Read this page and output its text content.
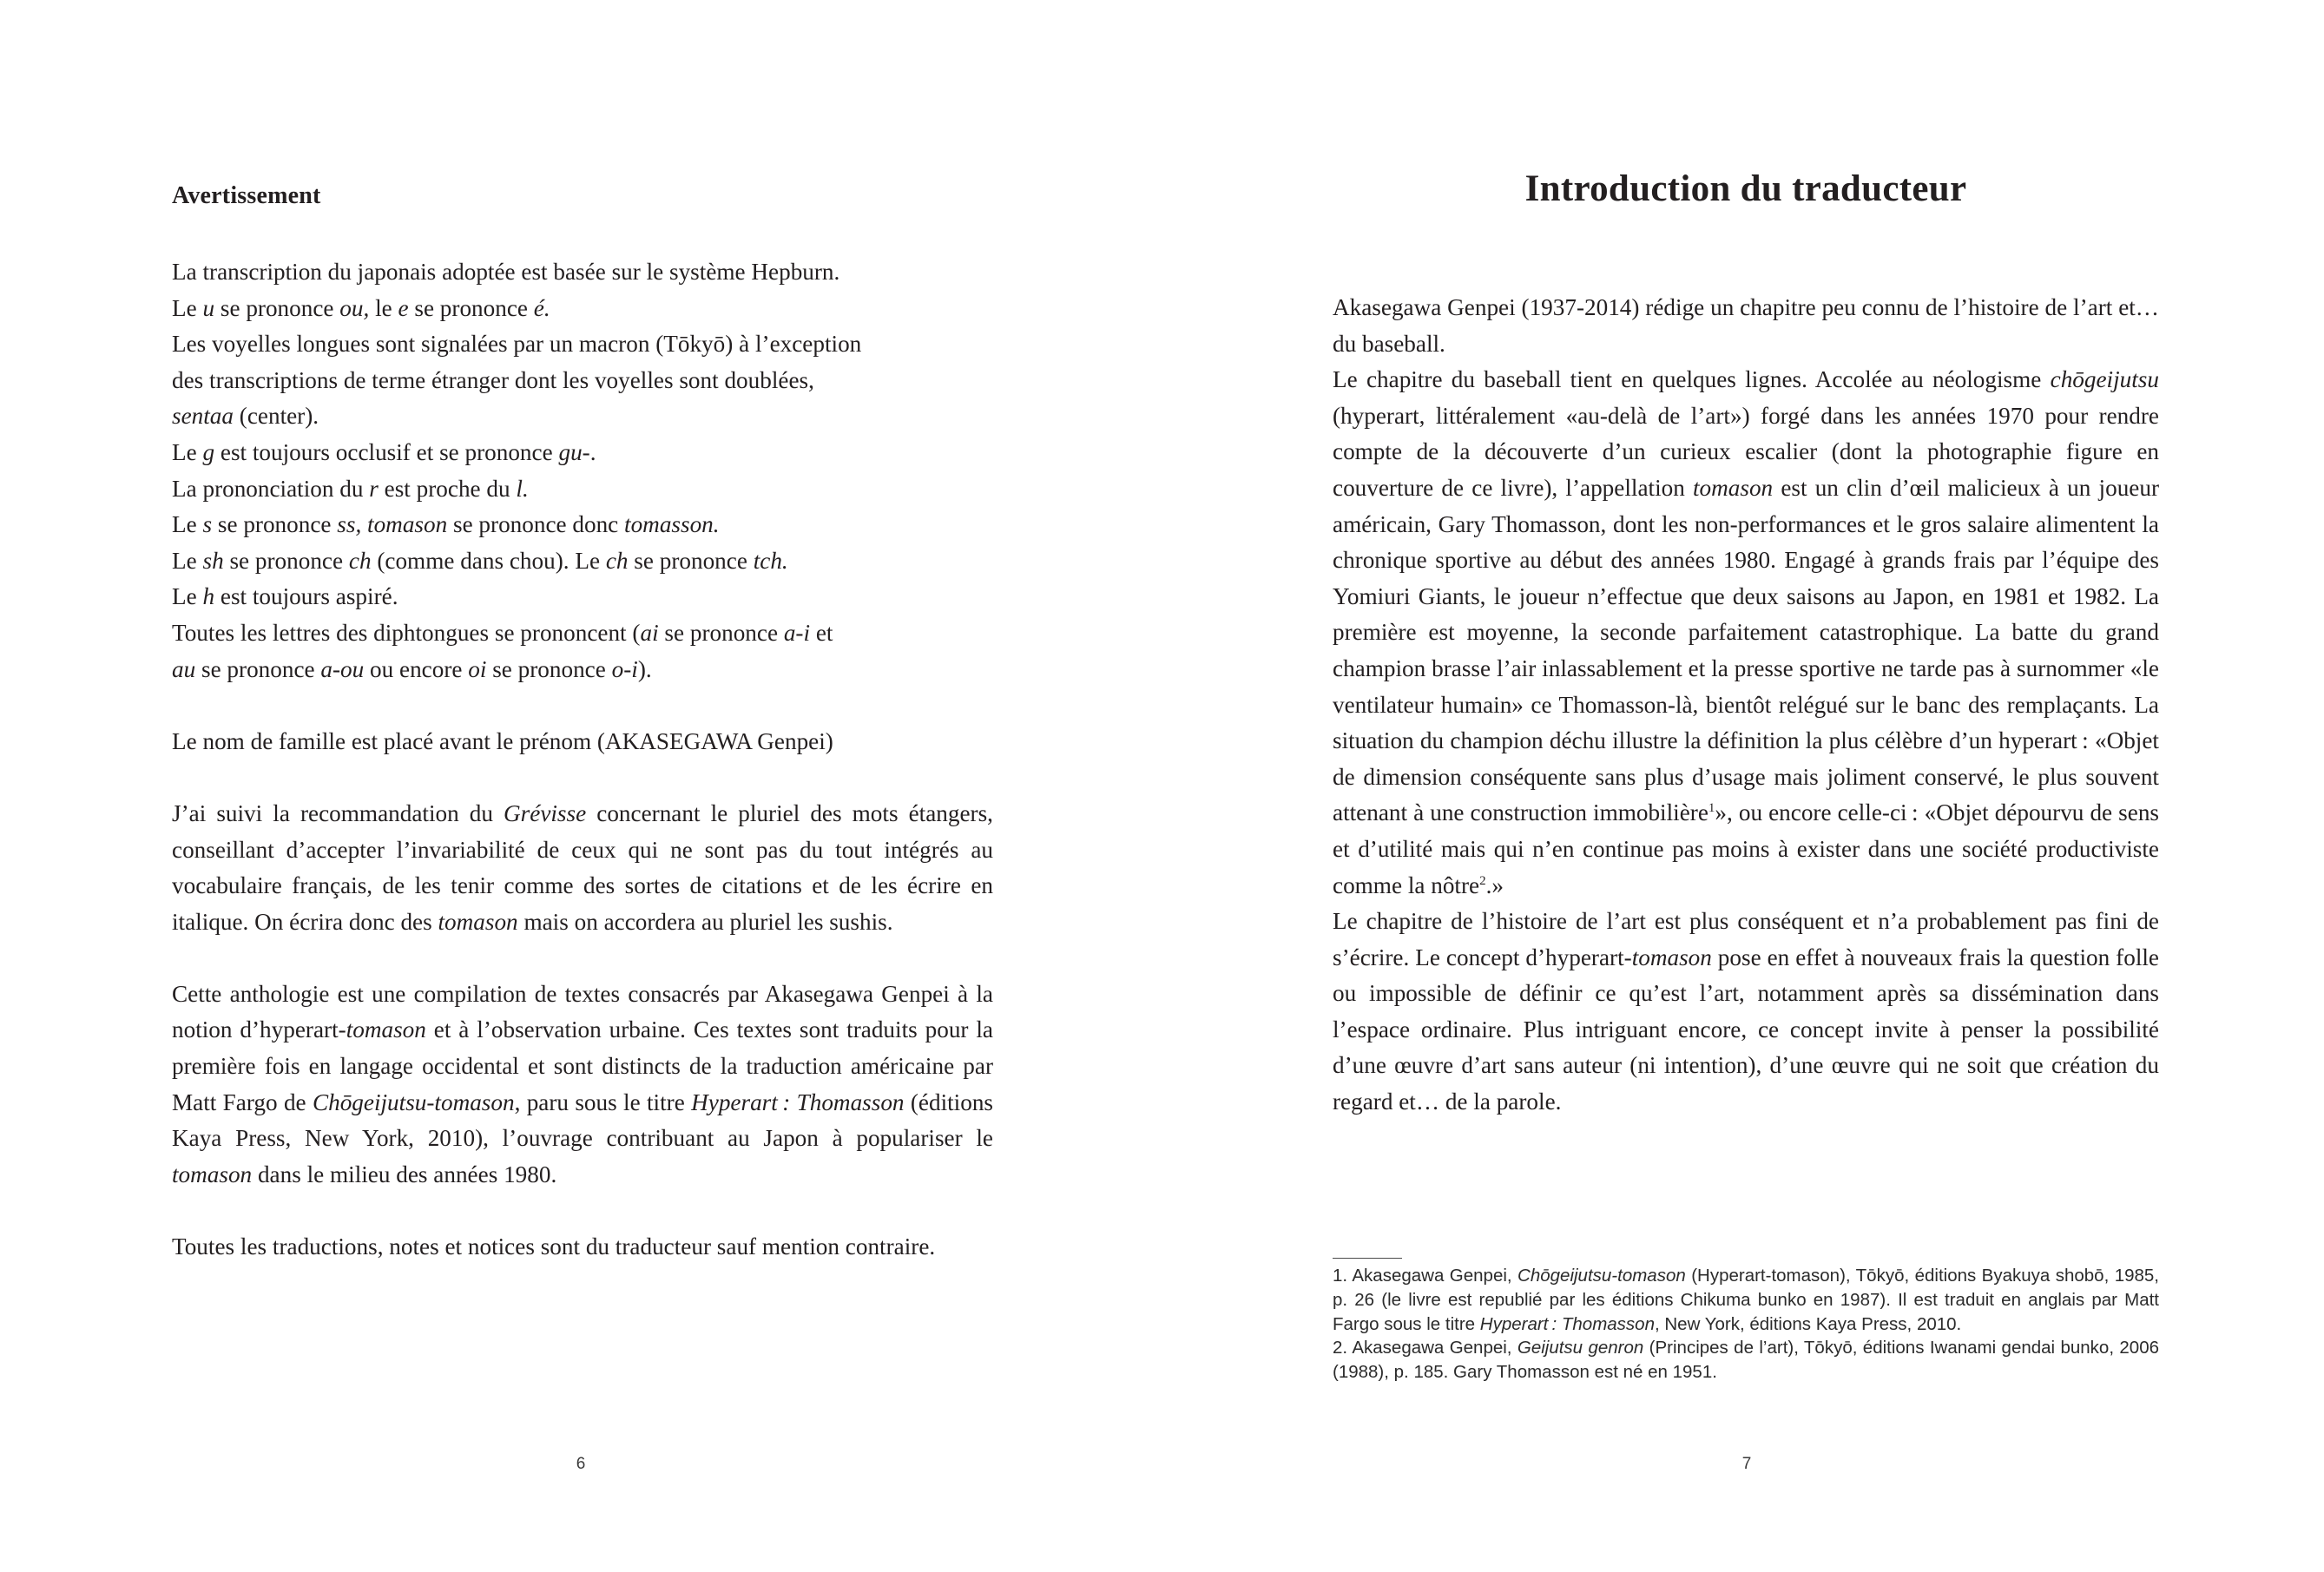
Avertissement

La transcription du japonais adoptée est basée sur le système Hepburn.
Le u se prononce ou, le e se prononce é.
Les voyelles longues sont signalées par un macron (Tōkyō) à l’exception
des transcriptions de terme étranger dont les voyelles sont doublées,
sentaa (center).
Le g est toujours occlusif et se prononce gu-.
La prononciation du r est proche du l.
Le s se prononce ss, tomason se prononce donc tomasson.
Le sh se prononce ch (comme dans chou). Le ch se prononce tch.
Le h est toujours aspiré.
Toutes les lettres des diphtongues se prononcent (ai se prononce a-i et
au se prononce a-ou ou encore oi se prononce o-i).

Le nom de famille est placé avant le prénom (AKASEGAWA Genpei)

J’ai suivi la recommandation du Grévisse concernant le pluriel des mots étangers, conseillant d’accepter l’invariabilité de ceux qui ne sont pas du tout intégrés au vocabulaire français, de les tenir comme des sortes de citations et de les écrire en italique. On écrira donc des tomason mais on accordera au pluriel les sushis.

Cette anthologie est une compilation de textes consacrés par Akasegawa Genpei à la notion d’hyperart-tomason et à l’observation urbaine. Ces textes sont traduits pour la première fois en langage occidental et sont distincts de la traduction américaine par Matt Fargo de Chōgeijutsu-tomason, paru sous le titre Hyperart : Thomasson (éditions Kaya Press, New York, 2010), l’ouvrage contribuant au Japon à populariser le tomason dans le milieu des années 1980.

Toutes les traductions, notes et notices sont du traducteur sauf mention contraire.

6
Introduction du traducteur

Akasegawa Genpei (1937-2014) rédige un chapitre peu connu de l’histoire de l’art et… du baseball.

Le chapitre du baseball tient en quelques lignes. Accolée au néologisme chōgeijutsu (hyperart, littéralement «au-delà de l’art») forgé dans les années 1970 pour rendre compte de la découverte d’un curieux escalier (dont la photographie figure en couverture de ce livre), l’appellation tomason est un clin d’œil malicieux à un joueur américain, Gary Thomasson, dont les non-performances et le gros salaire alimentent la chronique sportive au début des années 1980. Engagé à grands frais par l’équipe des Yomiuri Giants, le joueur n’effectue que deux saisons au Japon, en 1981 et 1982. La première est moyenne, la seconde parfaitement catastrophique. La batte du grand champion brasse l’air inlassablement et la presse sportive ne tarde pas à surnommer «le ventilateur humain» ce Thomasson-là, bientôt relégué sur le banc des remplaçants. La situation du champion déchu illustre la définition la plus célèbre d’un hyperart : «Objet de dimension conséquente sans plus d’usage mais joliment conservé, le plus souvent attenant à une construction immobilière$^1$», ou encore celle-ci : «Objet dépourvu de sens et d’utilité mais qui n’en continue pas moins à exister dans une société productiviste comme la nôtre$^2$.»

Le chapitre de l’histoire de l’art est plus conséquent et n’a probablement pas fini de s’écrire. Le concept d’hyperart-tomason pose en effet à nouveaux frais la question folle ou impossible de définir ce qu’est l’art, notamment après sa dissémination dans l’espace ordinaire. Plus intriguant encore, ce concept invite à penser la possibilité d’une œuvre d’art sans auteur (ni intention), d’une œuvre qui ne soit que création du regard et… de la parole.

1. Akasegawa Genpei, Chōgeijutsu-tomason (Hyperart-tomason), Tōkyō, éditions Byakuya shobō, 1985, p. 26 (le livre est republié par les éditions Chikuma bunko en 1987). Il est traduit en anglais par Matt Fargo sous le titre Hyperart : Thomasson, New York, éditions Kaya Press, 2010.

2. Akasegawa Genpei, Geijutsu genron (Principes de l’art), Tōkyō, éditions Iwanami gendai bunko, 2006 (1988), p. 185. Gary Thomasson est né en 1951.

7
